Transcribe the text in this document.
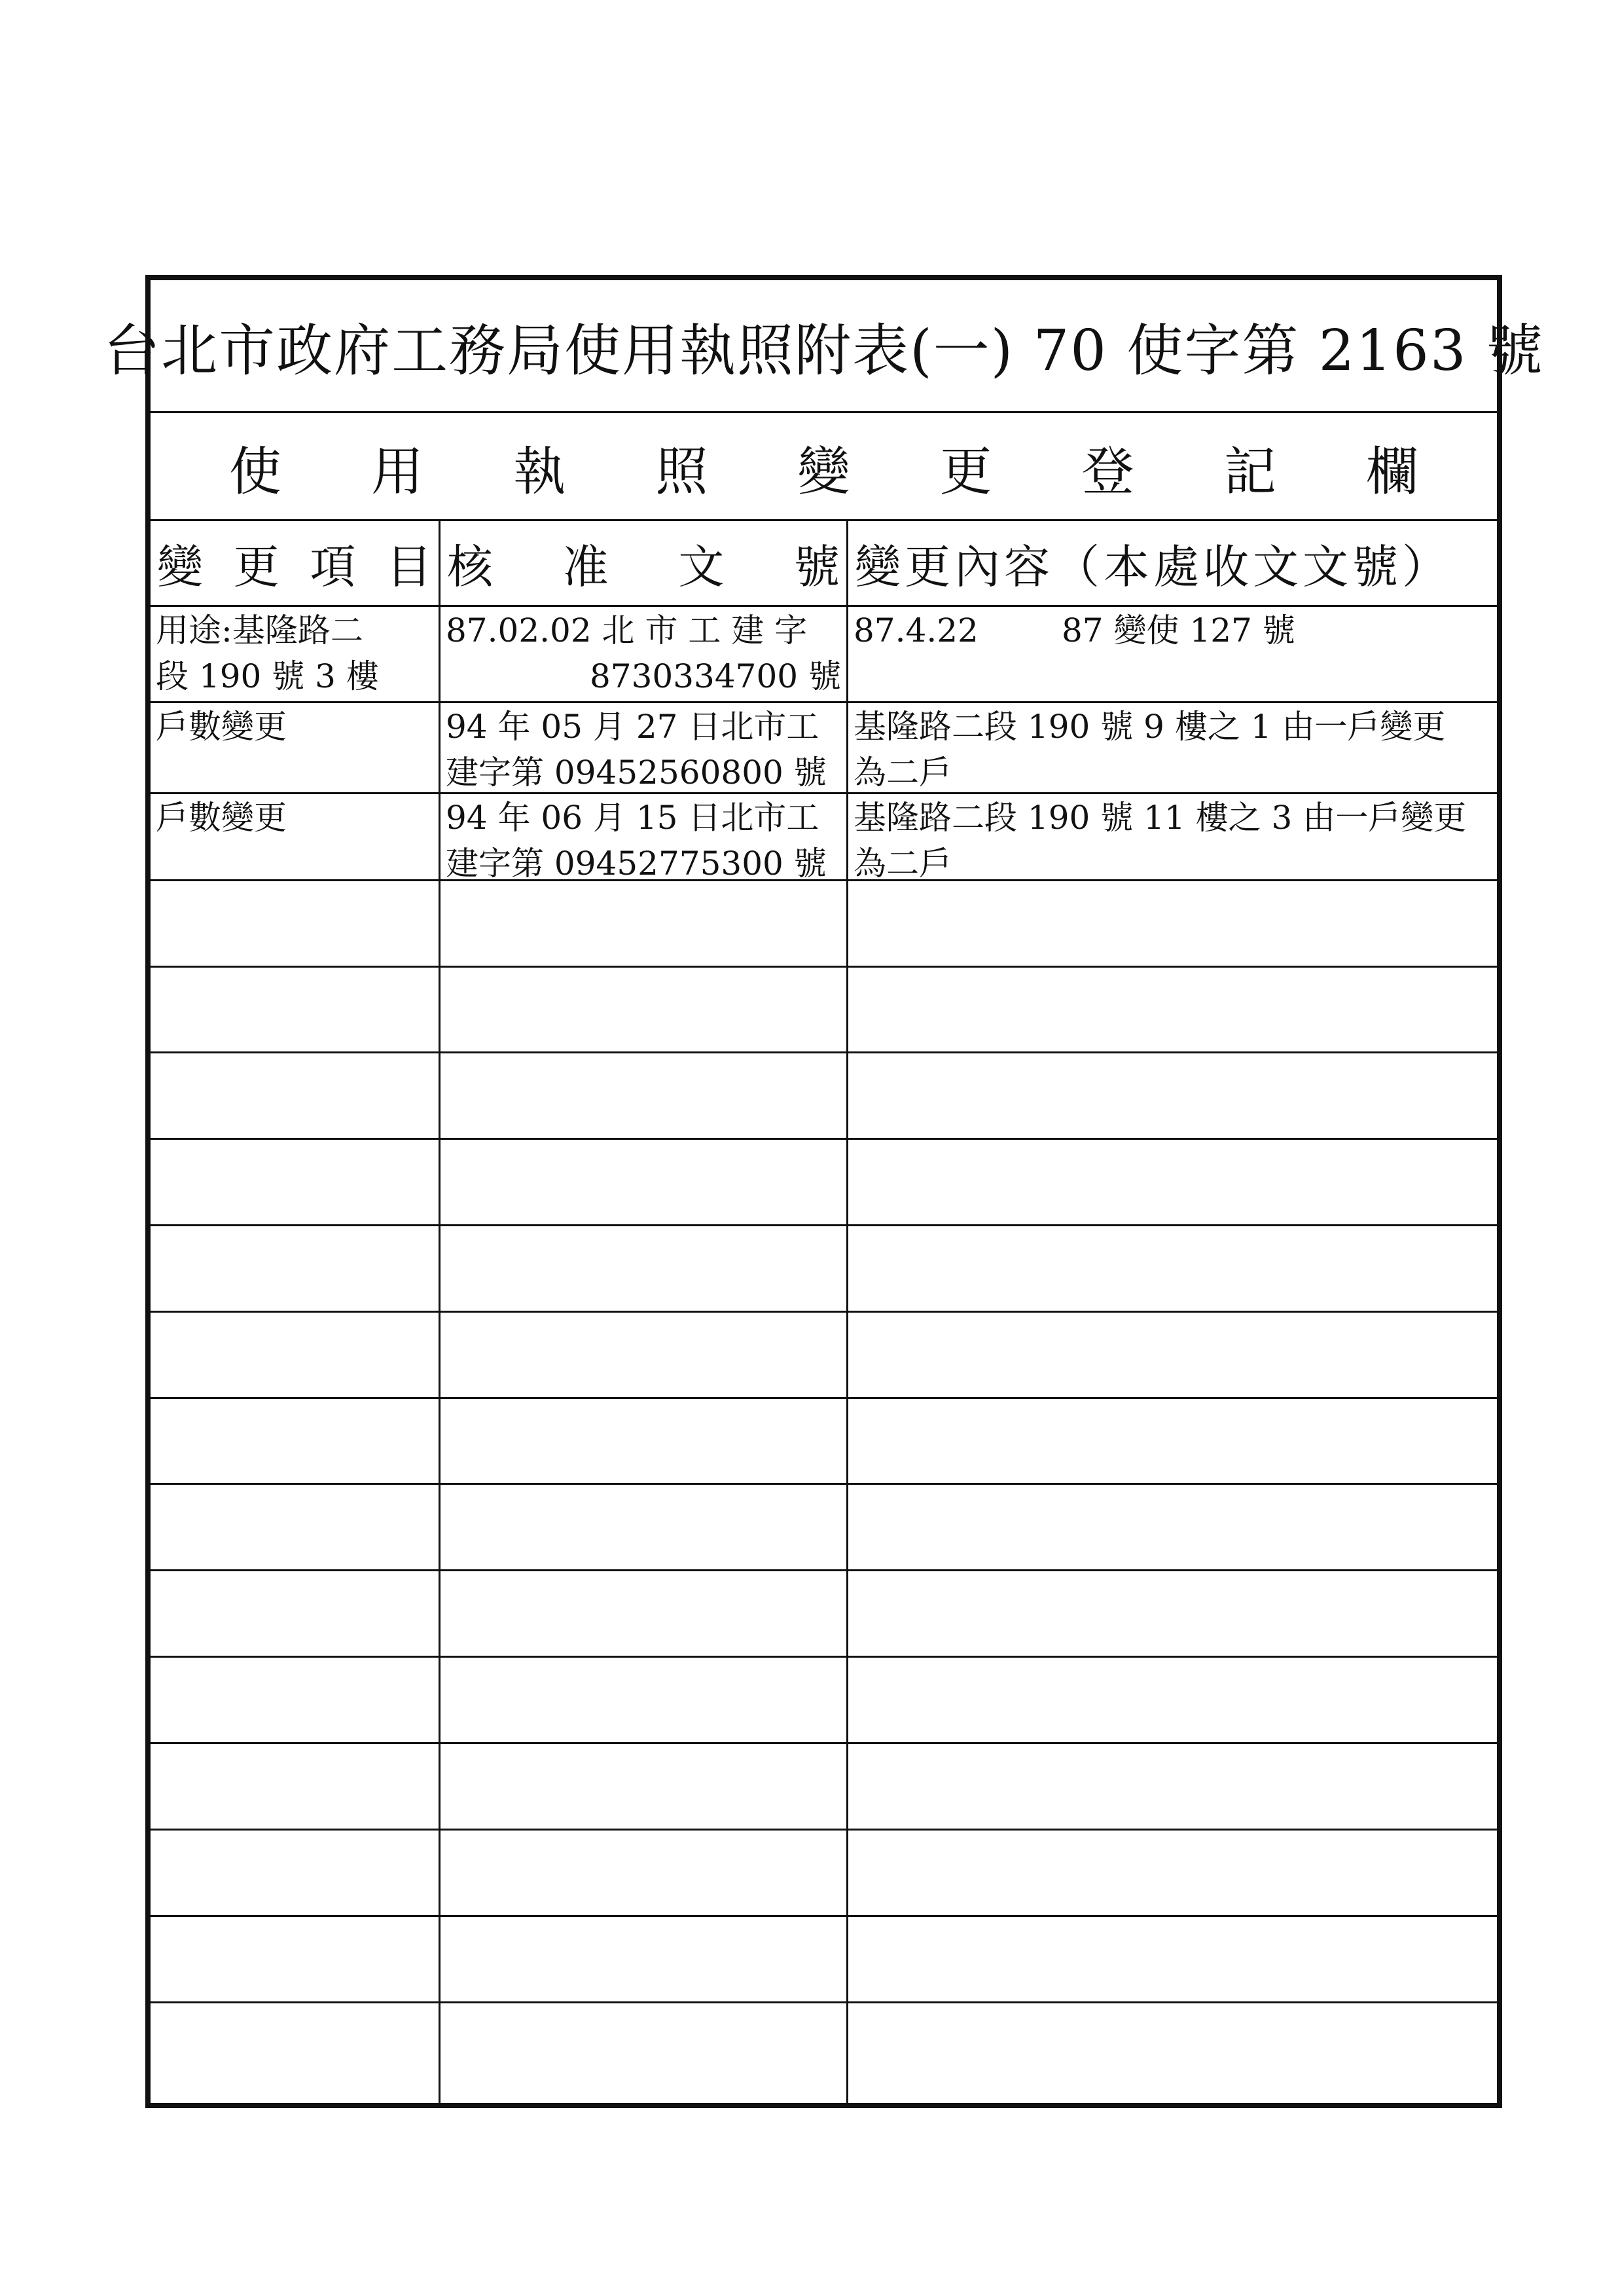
台北市政府工務局使用執照附表(一) 70 使字第 2163 號
使 用 執 照 變 更 登 記 欄
變 更 項 目 核 准 文 號 變更內容（本處收文文號）
用途:基隆路二
段 190 號 3 樓
87.02.02 北 市 工 建 字
8730334700 號
87.4.22        87 變使 127 號
戶數變更	94 年 05 月 27 日北市工
建字第 09452560800 號
基隆路二段 190 號 9 樓之 1 由一戶變更
為二戶
戶數變更	94 年 06 月 15 日北市工
建字第 09452775300 號
基隆路二段 190 號 11 樓之 3 由一戶變更
為二戶
